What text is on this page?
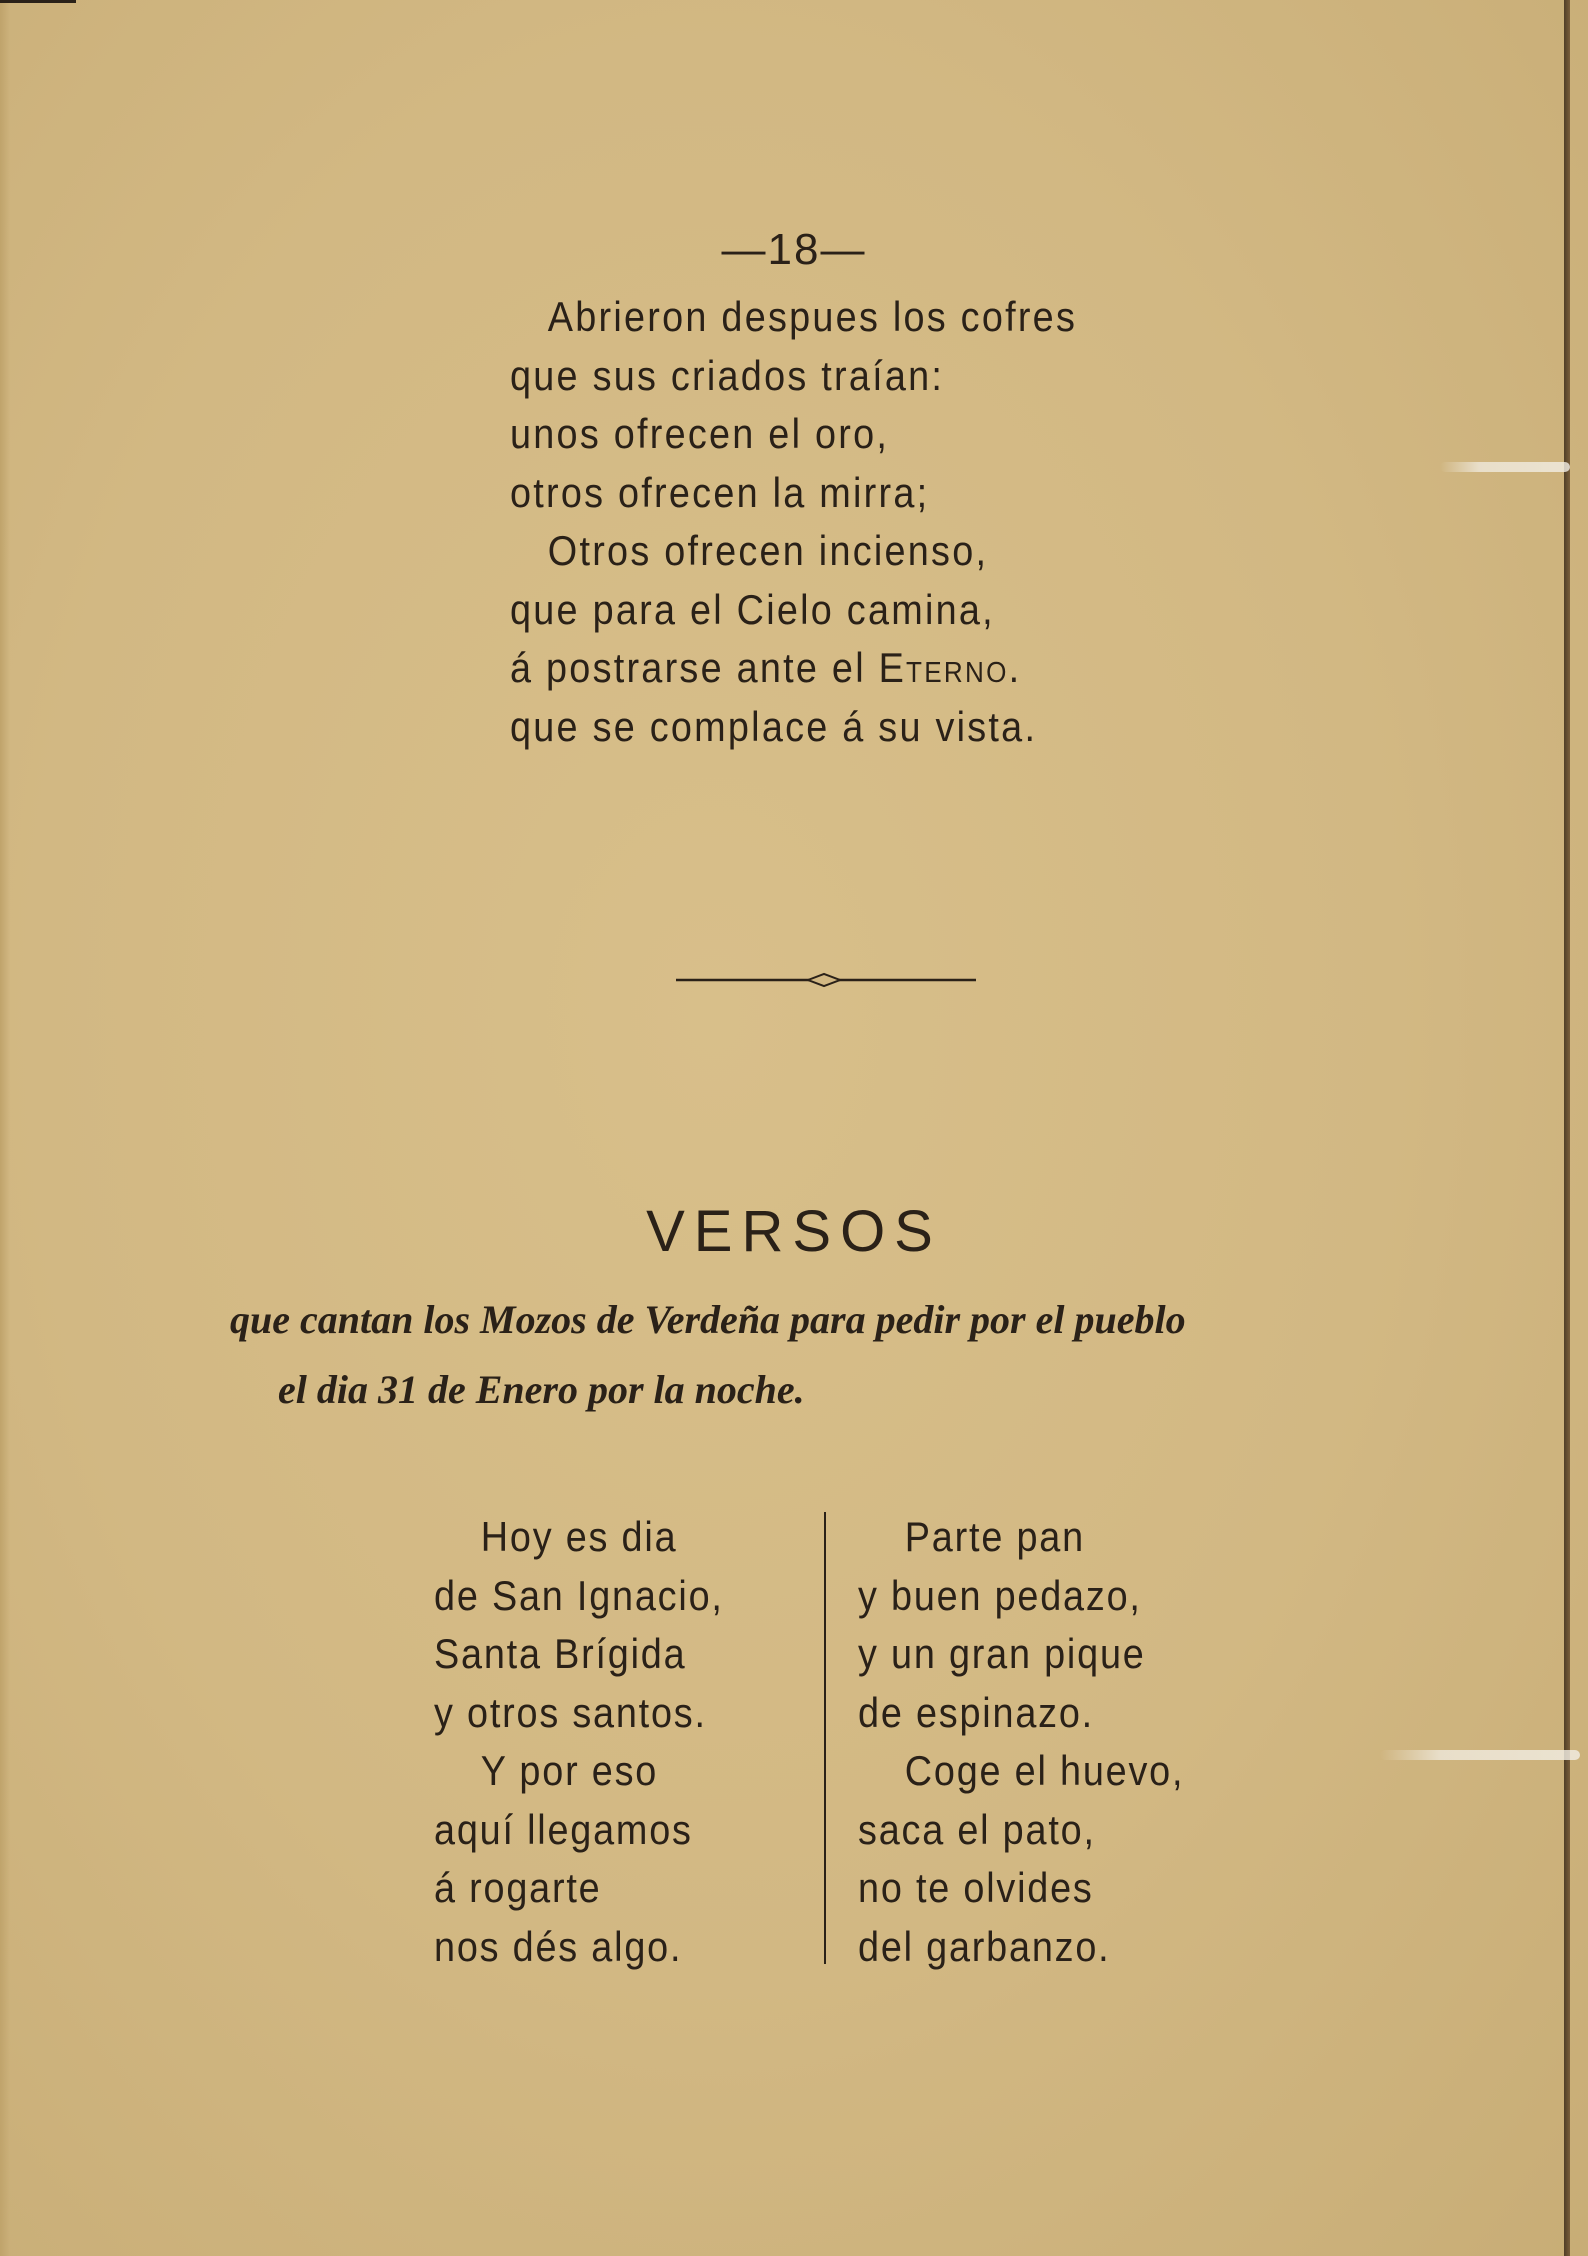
—18—
Abrieron despues los cofres
que sus criados traían:
unos ofrecen el oro,
otros ofrecen la mirra;
Otros ofrecen incienso,
que para el Cielo camina,
á postrarse ante el Eterno.
que se complace á su vista.
VERSOS
que cantan los Mozos de Verdeña para pedir por el pueblo
el dia 31 de Enero por la noche.
Hoy es dia
de San Ignacio,
Santa Brígida
y otros santos.
Y por eso
aquí llegamos
á rogarte
nos dés algo.
Parte pan
y buen pedazo,
y un gran pique
de espinazo.
Coge el huevo,
saca el pato,
no te olvides
del garbanzo.
